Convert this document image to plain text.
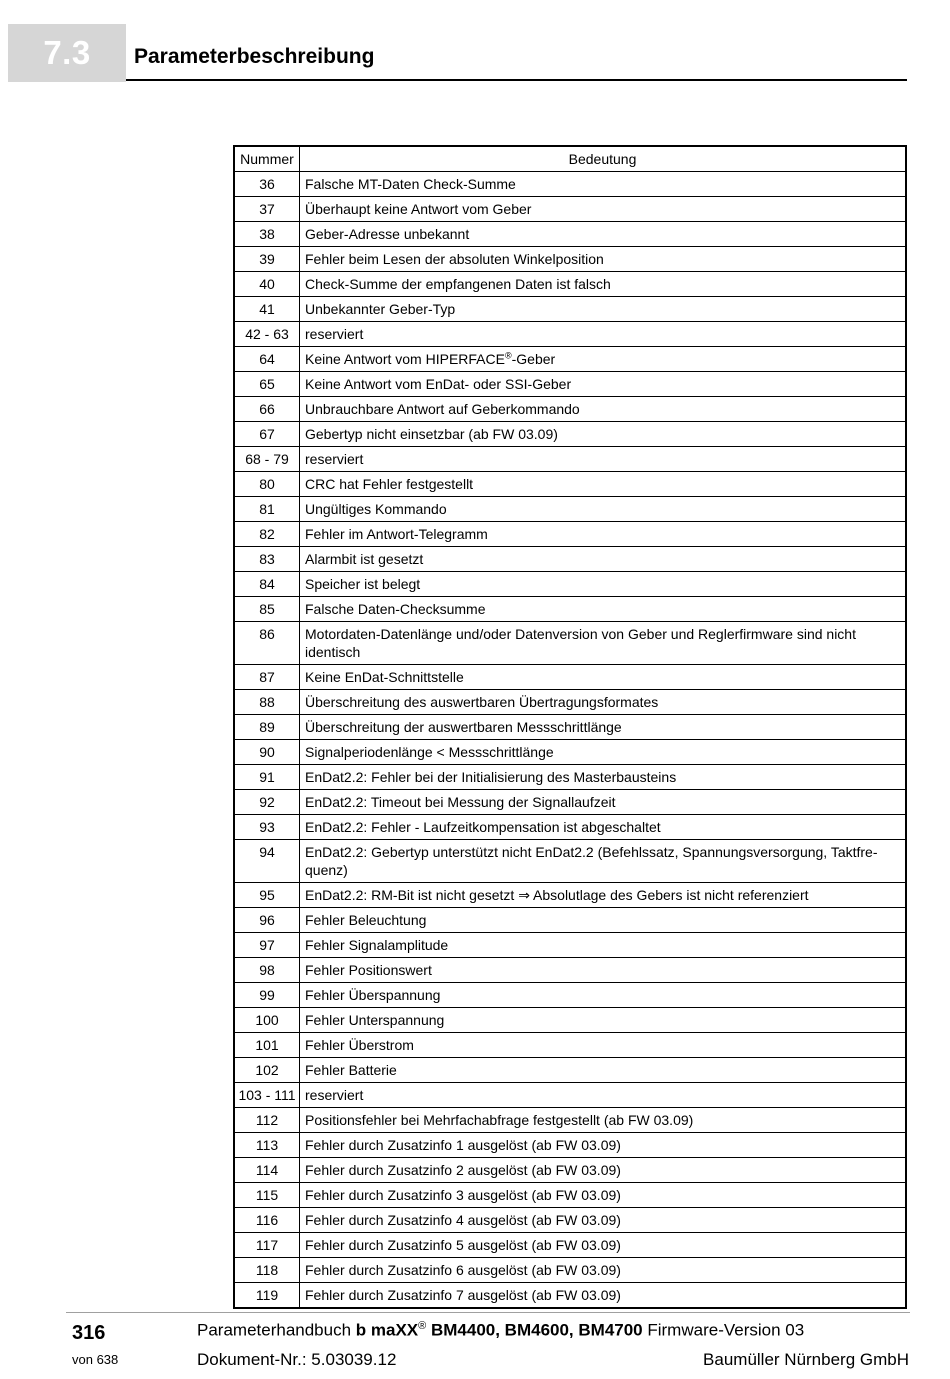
7.3	Parameterbeschreibung
Nummer	Bedeutung
36	Falsche MT-Daten Check-Summe
37	Überhaupt keine Antwort vom Geber
38	Geber-Adresse unbekannt
39	Fehler beim Lesen der absoluten Winkelposition
40	Check-Summe der empfangenen Daten ist falsch
41	Unbekannter Geber-Typ
42 - 63	reserviert
64	Keine Antwort vom HIPERFACE®-Geber
65	Keine Antwort vom EnDat- oder SSI-Geber
66	Unbrauchbare Antwort auf Geberkommando
67	Gebertyp nicht einsetzbar (ab FW 03.09)
68 - 79	reserviert
80	CRC hat Fehler festgestellt
81	Ungültiges Kommando
82	Fehler im Antwort-Telegramm
83	Alarmbit ist gesetzt
84	Speicher ist belegt
85	Falsche Daten-Checksumme
86	Motordaten-Datenlänge und/oder Datenversion von Geber und Reglerfirmware sind nicht identisch
87	Keine EnDat-Schnittstelle
88	Überschreitung des auswertbaren Übertragungsformates
89	Überschreitung der auswertbaren Messschrittlänge
90	Signalperiodenlänge < Messschrittlänge
91	EnDat2.2: Fehler bei der Initialisierung des Masterbausteins
92	EnDat2.2: Timeout bei Messung der Signallaufzeit
93	EnDat2.2: Fehler - Laufzeitkompensation ist abgeschaltet
94	EnDat2.2: Gebertyp unterstützt nicht EnDat2.2 (Befehlssatz, Spannungsversorgung, Taktfre-quenz)
95	EnDat2.2: RM-Bit ist nicht gesetzt ⇒ Absolutlage des Gebers ist nicht referenziert
96	Fehler Beleuchtung
97	Fehler Signalamplitude
98	Fehler Positionswert
99	Fehler Überspannung
100	Fehler Unterspannung
101	Fehler Überstrom
102	Fehler Batterie
103 - 111	reserviert
112	Positionsfehler bei Mehrfachabfrage festgestellt (ab FW 03.09)
113	Fehler durch Zusatzinfo 1 ausgelöst (ab FW 03.09)
114	Fehler durch Zusatzinfo 2 ausgelöst (ab FW 03.09)
115	Fehler durch Zusatzinfo 3 ausgelöst (ab FW 03.09)
116	Fehler durch Zusatzinfo 4 ausgelöst (ab FW 03.09)
117	Fehler durch Zusatzinfo 5 ausgelöst (ab FW 03.09)
118	Fehler durch Zusatzinfo 6 ausgelöst (ab FW 03.09)
119	Fehler durch Zusatzinfo 7 ausgelöst (ab FW 03.09)
316
von 638
Parameterhandbuch b maXX® BM4400, BM4600, BM4700 Firmware-Version 03
Dokument-Nr.: 5.03039.12	Baumüller Nürnberg GmbH
